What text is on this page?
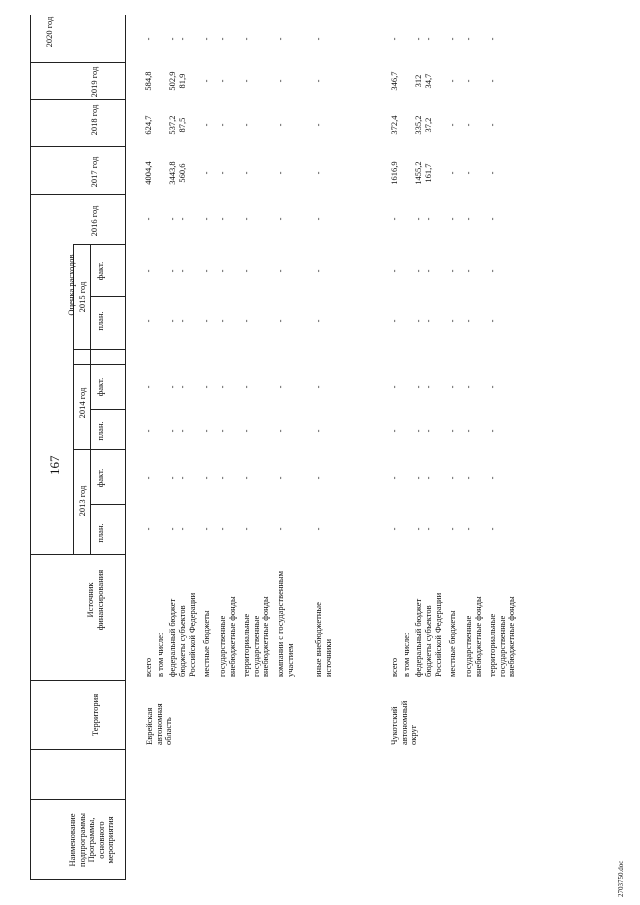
167
2703750.doc
Наименование подпрограммы Программы, основного мероприятия
Территория
Источник финансирования
Оценка расходов
2013 год
2014 год
2015 год
план.
факт.
план.
факт.
план.
факт.
2016 год
2017 год
2018 год
2019 год
2020 год
Еврейская автономная область	Чукотский автономный округ
всего
-
-
-
-
-
-
-
4004,4
624,7
584,8
-
в том числе: федеральный бюджет
-
-
-
-
-
-
-
3443,8
537,2
502,9
-
бюджеты субъектов Российской Федерации
-
-
-
-
-
-
-
560,6
87,5
81,9
-
местные бюджеты
-
-
-
-
-
-
-
-
-
-
-
государственные внебюджетные фонды
-
-
-
-
-
-
-
-
-
-
-
территориальные государственные внебюджетные фонды
-
-
-
-
-
-
-
-
-
-
-
компании с государственным участием
-
-
-
-
-
-
-
-
-
-
-
иные внебюджетные источники
-
-
-
-
-
-
-
-
-
-
-
всего
-
-
-
-
-
-
-
1616,9
372,4
346,7
-
в том числе: федеральный бюджет
-
-
-
-
-
-
-
1455,2
335,2
312
-
бюджеты субъектов Российской Федерации
-
-
-
-
-
-
-
161,7
37,2
34,7
-
местные бюджеты
-
-
-
-
-
-
-
-
-
-
-
государственные внебюджетные фонды
-
-
-
-
-
-
-
-
-
-
-
территориальные государственные внебюджетные фонды
-
-
-
-
-
-
-
-
-
-
-
